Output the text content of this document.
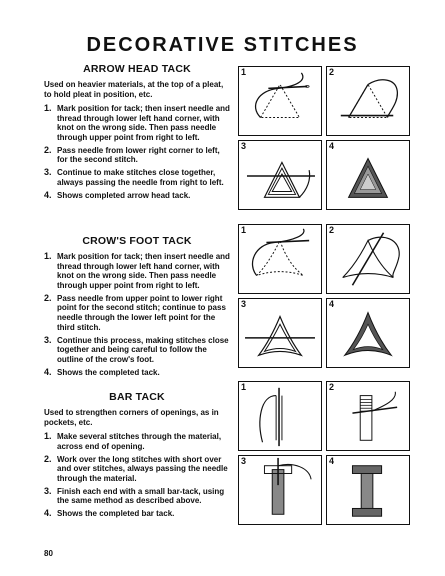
DECORATIVE STITCHES
ARROW HEAD TACK

Used on heavier materials, at the top of a pleat, to hold pleat in position, etc.

1. Mark position for tack; then insert needle and thread through lower left hand corner, with knot on the wrong side. Then pass needle through upper point from right to left.
2. Pass needle from lower right corner to left, for the second stitch.
3. Continue to make stitches close together, always passing the needle from right to left.
4. Shows completed arrow head tack.
1	2
3	4
CROW'S FOOT TACK
1. Mark position for tack; then insert needle and thread through lower left hand corner, with knot on the wrong side. Then pass needle through upper point from right to left.
2. Pass needle from upper point to lower right point for the second stitch; continue to pass needle through the lower left point for the third stitch.
3. Continue this process, making stitches close together and being careful to follow the outline of the crow's foot.
4. Shows the completed tack.
1	2
3	4
BAR TACK

Used to strengthen corners of openings, as in pockets, etc.

1. Make several stitches through the material, across end of opening.
2. Work over the long stitches with short over and over stitches, always passing the needle through the material.
3. Finish each end with a small bar-tack, using the same method as described above.
4. Shows the completed bar tack.
1	2
3	4

80
